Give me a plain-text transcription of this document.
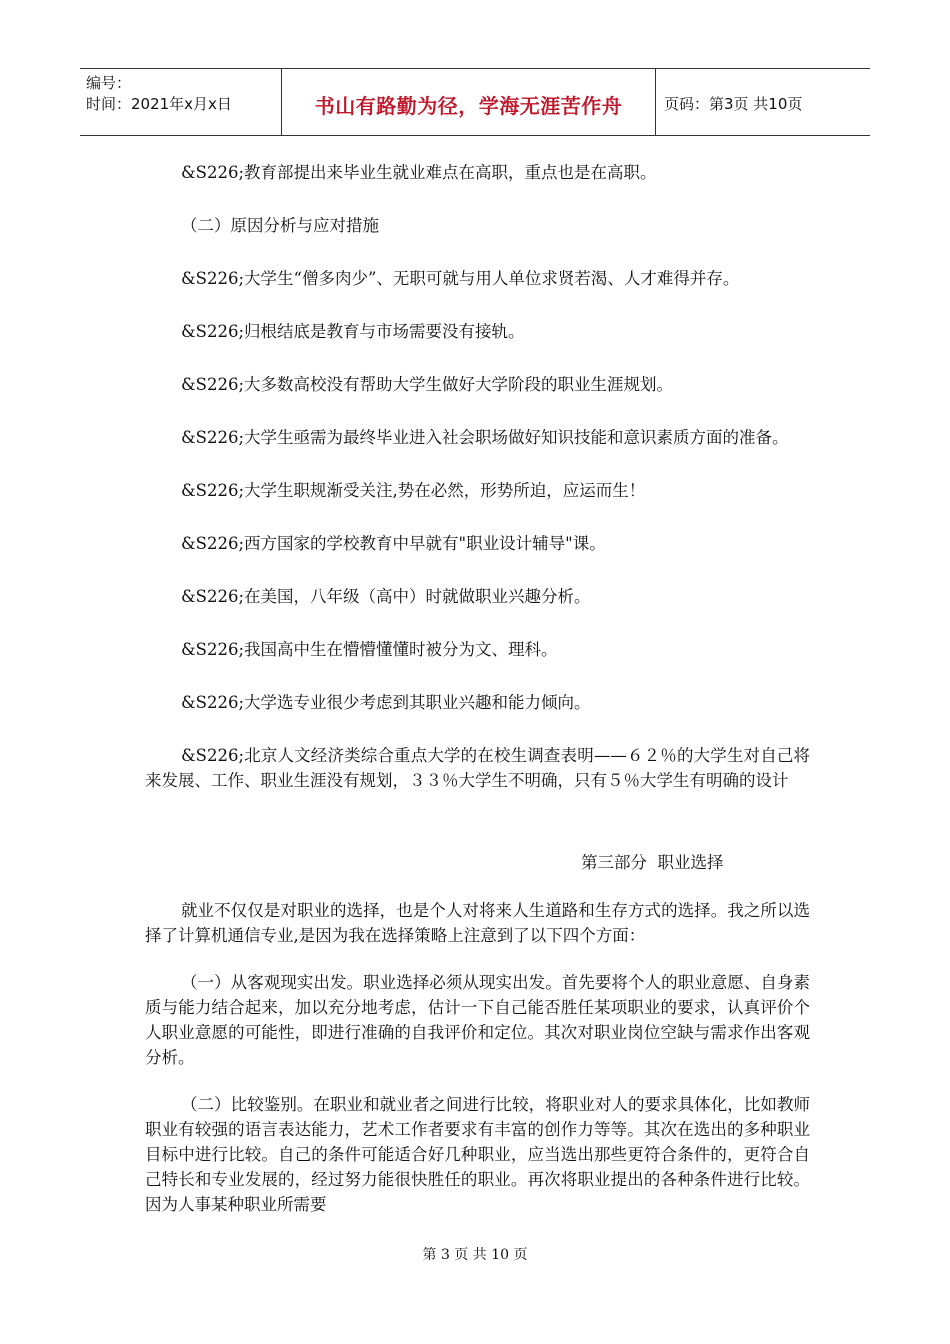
编号：
时间：2021年x月x日	书山有路勤为径，学海无涯苦作舟	页码：第3页 共10页

&S226;教育部提出来毕业生就业难点在高职，重点也是在高职。

（二）原因分析与应对措施

&S226;大学生“僧多肉少”、无职可就与用人单位求贤若渴、人才难得并存。

&S226;归根结底是教育与市场需要没有接轨。

&S226;大多数高校没有帮助大学生做好大学阶段的职业生涯规划。

&S226;大学生亟需为最终毕业进入社会职场做好知识技能和意识素质方面的准备。

&S226;大学生职规渐受关注,势在必然，形势所迫，应运而生！

&S226;西方国家的学校教育中早就有"职业设计辅导"课。

&S226;在美国，八年级（高中）时就做职业兴趣分析。

&S226;我国高中生在懵懵懂懂时被分为文、理科。

&S226;大学选专业很少考虑到其职业兴趣和能力倾向。

&S226;北京人文经济类综合重点大学的在校生调查表明——６２％的大学生对自己将来发展、工作、职业生涯没有规划，３３％大学生不明确，只有５％大学生有明确的设计

第三部分  职业选择

就业不仅仅是对职业的选择，也是个人对将来人生道路和生存方式的选择。我之所以选择了计算机通信专业,是因为我在选择策略上注意到了以下四个方面：

（一）从客观现实出发。职业选择必须从现实出发。首先要将个人的职业意愿、自身素质与能力结合起来，加以充分地考虑，估计一下自己能否胜任某项职业的要求，认真评价个人职业意愿的可能性，即进行准确的自我评价和定位。其次对职业岗位空缺与需求作出客观分析。

（二）比较鉴别。在职业和就业者之间进行比较，将职业对人的要求具体化，比如教师职业有较强的语言表达能力，艺术工作者要求有丰富的创作力等等。其次在选出的多种职业目标中进行比较。自己的条件可能适合好几种职业，应当选出那些更符合条件的，更符合自己特长和专业发展的，经过努力能很快胜任的职业。再次将职业提出的各种条件进行比较。因为人事某种职业所需要

第 3 页 共 10 页
